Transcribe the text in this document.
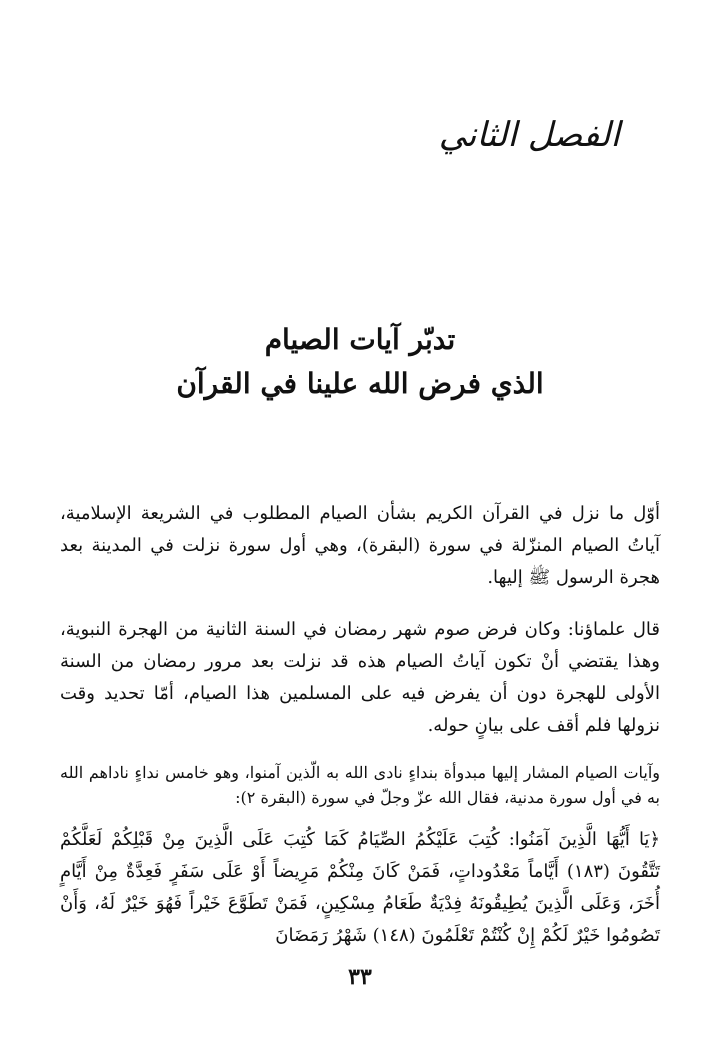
الفصل الثاني
تدبّر آيات الصيام
الذي فرض الله علينا في القرآن

أوّل ما نزل في القرآن الكريم بشأن الصيام المطلوب في الشريعة الإسلامية، آياتُ الصيام المنزّلة في سورة (البقرة)، وهي أول سورة نزلت في المدينة بعد هجرة الرسول ﷺ إليها.

قال علماؤنا: وكان فرض صوم شهر رمضان في السنة الثانية من الهجرة النبوية، وهذا يقتضي أنْ تكون آياتُ الصيام هذه قد نزلت بعد مرور رمضان من السنة الأولى للهجرة دون أن يفرض فيه على المسلمين هذا الصيام، أمّا تحديد وقت نزولها فلم أقف على بيانٍ حوله.

وآيات الصيام المشار إليها مبدوأة بنداءٍ نادى الله به الّذين آمنوا، وهو خامس نداءٍ ناداهم الله به في أول سورة مدنية، فقال الله عزّ وجلّ في سورة (البقرة ٢):

﴿يَا أَيُّهَا الَّذِينَ آمَنُوا: كُتِبَ عَلَيْكُمُ الصِّيَامُ كَمَا كُتِبَ عَلَى الَّذِينَ مِنْ قَبْلِكُمْ لَعَلَّكُمْ تَتَّقُونَ (١٨٣) أَيَّاماً مَعْدُوداتٍ، فَمَنْ كَانَ مِنْكُمْ مَرِيضاً أَوْ عَلَى سَفَرٍ فَعِدَّةٌ مِنْ أَيَّامٍ أُخَرَ، وَعَلَى الَّذِينَ يُطِيقُونَهُ فِدْيَةٌ طَعَامُ مِسْكِينٍ، فَمَنْ تَطَوَّعَ خَيْراً فَهُوَ خَيْرٌ لَهُ، وَأَنْ تَصُومُوا خَيْرٌ لَكُمْ إِنْ كُنْتُمْ تَعْلَمُونَ (١٤٨) شَهْرُ رَمَضَانَ

٣٣
